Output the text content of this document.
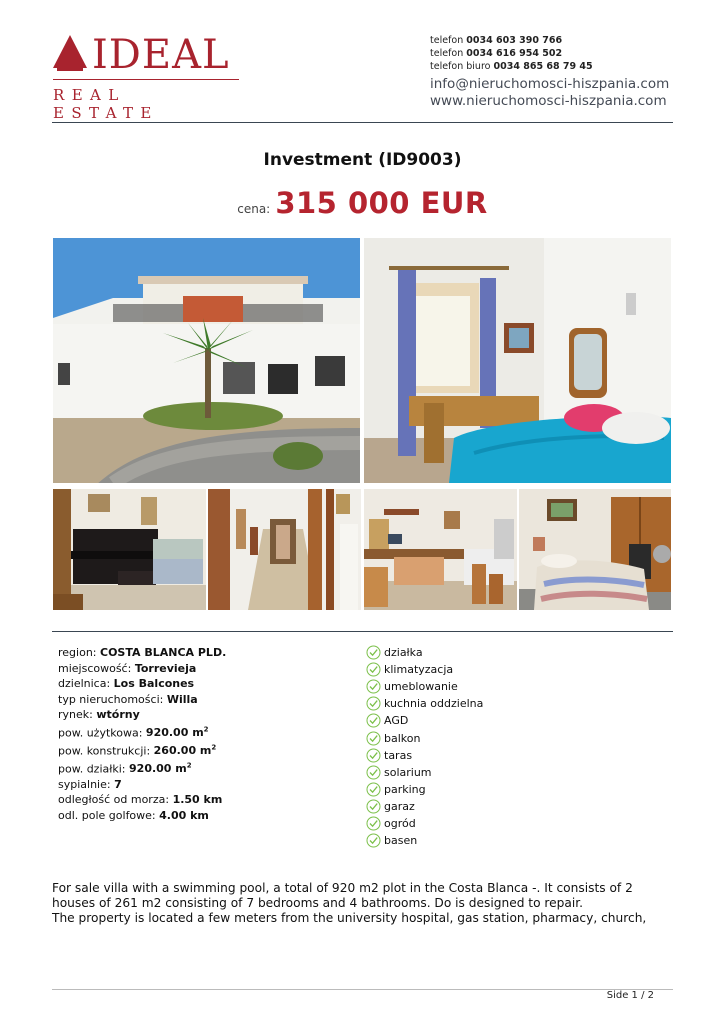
IDEAL
REAL ESTATE
telefon 0034 603 390 766
telefon 0034 616 954 502
telefon biuro 0034 865 68 79 45
info@nieruchomosci-hiszpania.com
www.nieruchomosci-hiszpania.com
Investment (ID9003)
cena: 315 000 EUR
region: COSTA BLANCA PLD.
miejscowość: Torrevieja
dzielnica: Los Balcones
typ nieruchomości: Willa
rynek: wtórny
pow. użytkowa: 920.00 $m^2$
pow. konstrukcji: 260.00 $m^2$
pow. działki: 920.00 $m^2$
sypialnie: 7
odległość od morza: 1.50 km
odl. pole golfowe: 4.00 km
działka
klimatyzacja
umeblowanie
kuchnia oddzielna
AGD
balkon
taras
solarium
parking
garaz
ogród
basen
For sale villa with a swimming pool, a total of 920 m2 plot in the Costa Blanca -. It consists of 2
houses of 261 m2 consisting of 7 bedrooms and 4 bathrooms. Do is designed to repair.
The property is located a few meters from the university hospital, gas station, pharmacy, church,
Side 1 / 2
